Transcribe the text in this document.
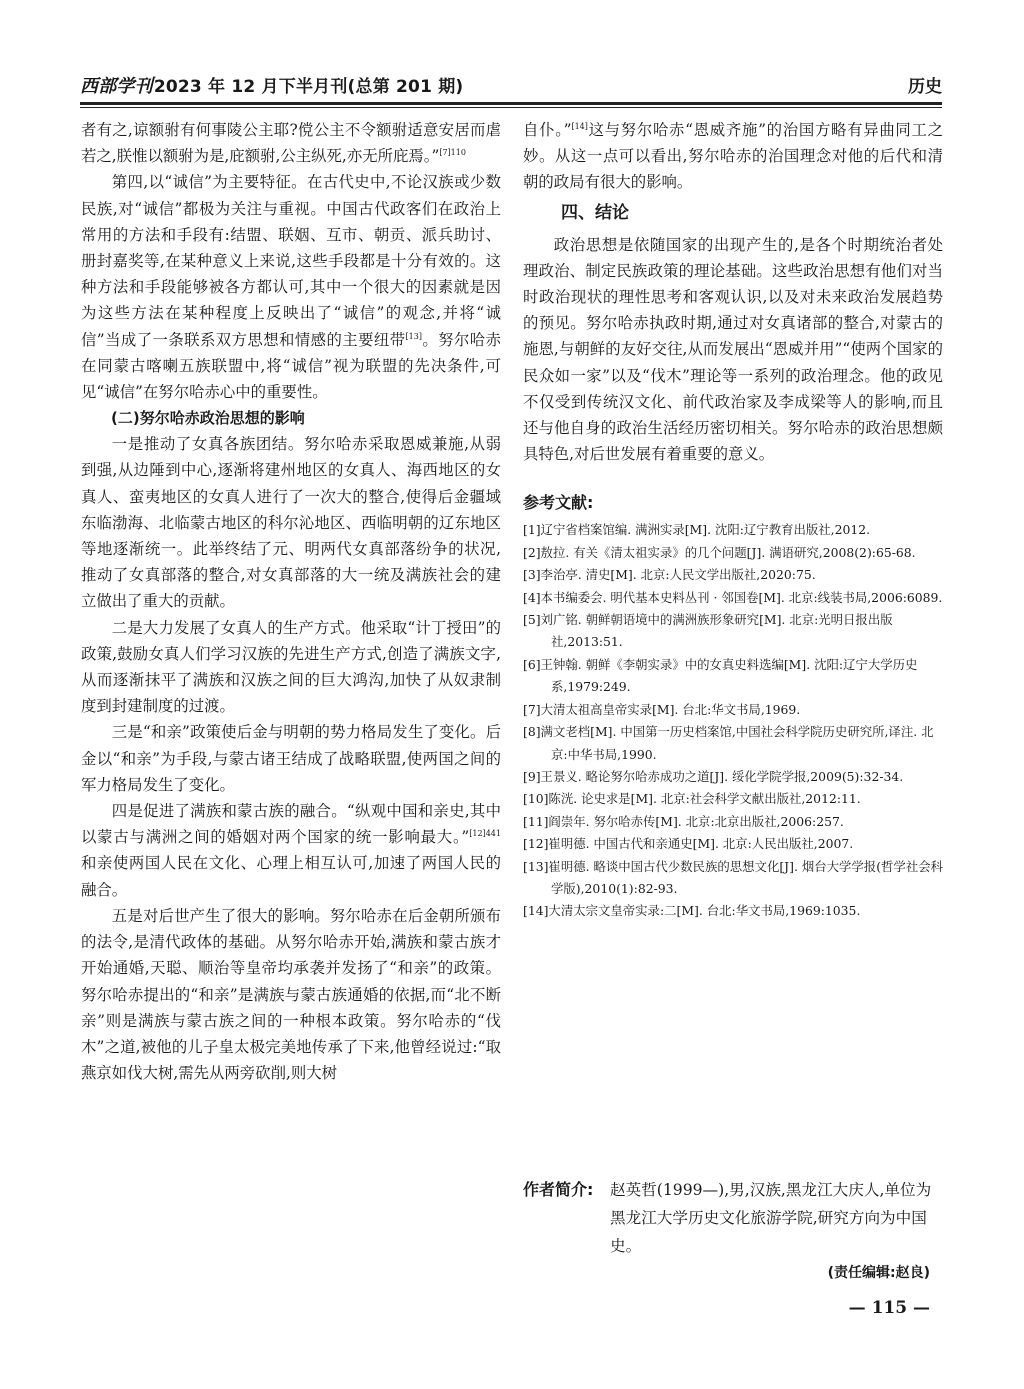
西部学刊2023 年 12 月下半月刊(总第 201 期)	历史

者有之,谅额驸有何事陵公主耶?傥公主不令额驸适意安居而虐若之,朕惟以额驸为是,庇额驸,公主纵死,亦无所庇焉。”$^{[7]110}$

第四,以“诚信”为主要特征。在古代史中,不论汉族或少数民族,对“诚信”都极为关注与重视。中国古代政客们在政治上常用的方法和手段有:结盟、联姻、互市、朝贡、派兵助讨、册封嘉奖等,在某种意义上来说,这些手段都是十分有效的。这种方法和手段能够被各方都认可,其中一个很大的因素就是因为这些方法在某种程度上反映出了“诚信”的观念,并将“诚信”当成了一条联系双方思想和情感的主要纽带[13]。努尔哈赤在同蒙古喀喇五族联盟中,将“诚信”视为联盟的先决条件,可见“诚信”在努尔哈赤心中的重要性。

(二)努尔哈赤政治思想的影响

一是推动了女真各族团结。努尔哈赤采取恩威兼施,从弱到强,从边陲到中心,逐渐将建州地区的女真人、海西地区的女真人、蛮夷地区的女真人进行了一次大的整合,使得后金疆域东临渤海、北临蒙古地区的科尔沁地区、西临明朝的辽东地区等地逐渐统一。此举终结了元、明两代女真部落纷争的状况,推动了女真部落的整合,对女真部落的大一统及满族社会的建立做出了重大的贡献。

二是大力发展了女真人的生产方式。他采取“计丁授田”的政策,鼓励女真人们学习汉族的先进生产方式,创造了满族文字,从而逐渐抹平了满族和汉族之间的巨大鸿沟,加快了从奴隶制度到封建制度的过渡。

三是“和亲”政策使后金与明朝的势力格局发生了变化。后金以“和亲”为手段,与蒙古诸王结成了战略联盟,使两国之间的军力格局发生了变化。

四是促进了满族和蒙古族的融合。“纵观中国和亲史,其中以蒙古与满洲之间的婚姻对两个国家的统一影响最大。”$^{[12]441}$ 和亲使两国人民在文化、心理上相互认可,加速了两国人民的融合。

五是对后世产生了很大的影响。努尔哈赤在后金朝所颁布的法令,是清代政体的基础。从努尔哈赤开始,满族和蒙古族才开始通婚,天聪、顺治等皇帝均承袭并发扬了“和亲”的政策。努尔哈赤提出的“和亲”是满族与蒙古族通婚的依据,而“北不断亲”则是满族与蒙古族之间的一种根本政策。努尔哈赤的“伐木”之道,被他的儿子皇太极完美地传承了下来,他曾经说过:“取燕京如伐大树,需先从两旁砍削,则大树

自仆。”[14]这与努尔哈赤“恩威齐施”的治国方略有异曲同工之妙。从这一点可以看出,努尔哈赤的治国理念对他的后代和清朝的政局有很大的影响。

四、结论

政治思想是依随国家的出现产生的,是各个时期统治者处理政治、制定民族政策的理论基础。这些政治思想有他们对当时政治现状的理性思考和客观认识,以及对未来政治发展趋势的预见。努尔哈赤执政时期,通过对女真诸部的整合,对蒙古的施恩,与朝鲜的友好交往,从而发展出“恩威并用”“使两个国家的民众如一家”以及“伐木”理论等一系列的政治理念。他的政见不仅受到传统汉文化、前代政治家及李成梁等人的影响,而且还与他自身的政治生活经历密切相关。努尔哈赤的政治思想颇具特色,对后世发展有着重要的意义。

参考文献:

[1]辽宁省档案馆编. 满洲实录[M]. 沈阳:辽宁教育出版社,2012.

[2]敖拉. 有关《清太祖实录》的几个问题[J]. 满语研究,2008(2):65-68.

[3]李治亭. 清史[M]. 北京:人民文学出版社,2020:75.

[4]本书编委会. 明代基本史料丛刊 · 邻国卷[M]. 北京:线装书局,2006:6089.

[5]刘广铭. 朝鲜朝语境中的满洲族形象研究[M]. 北京:光明日报出版社,2013:51.

[6]王钟翰. 朝鲜《李朝实录》中的女真史料选编[M]. 沈阳:辽宁大学历史系,1979:249.

[7]大清太祖高皇帝实录[M]. 台北:华文书局,1969.

[8]满文老档[M]. 中国第一历史档案馆,中国社会科学院历史研究所,译注. 北京:中华书局,1990.

[9]王景义. 略论努尔哈赤成功之道[J]. 绥化学院学报,2009(5):32-34.

[10]陈洸. 论史求是[M]. 北京:社会科学文献出版社,2012:11.

[11]阎崇年. 努尔哈赤传[M]. 北京:北京出版社,2006:257.

[12]崔明德. 中国古代和亲通史[M]. 北京:人民出版社,2007.

[13]崔明德. 略谈中国古代少数民族的思想文化[J]. 烟台大学学报(哲学社会科学版),2010(1):82-93.

[14]大清太宗文皇帝实录:二[M]. 台北:华文书局,1969:1035.

作者简介:	赵英哲(1999—),男,汉族,黑龙江大庆人,单位为黑龙江大学历史文化旅游学院,研究方向为中国史。
(责任编辑:赵良)
— 115 —
